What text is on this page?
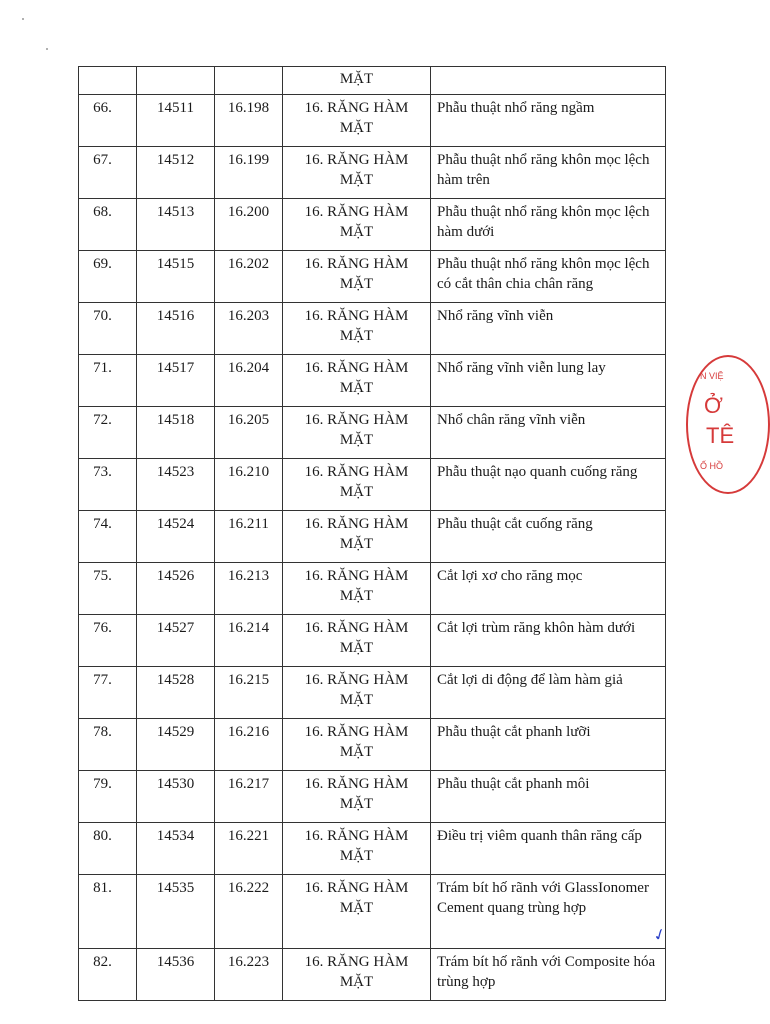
			MẶT	
66.	14511	16.198	16. RĂNG HÀM MẶT	Phẫu thuật nhổ răng ngầm
67.	14512	16.199	16. RĂNG HÀM MẶT	Phẫu thuật nhổ răng khôn mọc lệch hàm trên
68.	14513	16.200	16. RĂNG HÀM MẶT	Phẫu thuật nhổ răng khôn mọc lệch hàm dưới
69.	14515	16.202	16. RĂNG HÀM MẶT	Phẫu thuật nhổ răng khôn mọc lệch có cắt thân chia chân răng
70.	14516	16.203	16. RĂNG HÀM MẶT	Nhổ răng vĩnh viễn
71.	14517	16.204	16. RĂNG HÀM MẶT	Nhổ răng vĩnh viễn lung lay
72.	14518	16.205	16. RĂNG HÀM MẶT	Nhổ chân răng vĩnh viễn
73.	14523	16.210	16. RĂNG HÀM MẶT	Phẫu thuật nạo quanh cuống răng
74.	14524	16.211	16. RĂNG HÀM MẶT	Phẫu thuật cắt cuống răng
75.	14526	16.213	16. RĂNG HÀM MẶT	Cắt lợi xơ cho răng mọc
76.	14527	16.214	16. RĂNG HÀM MẶT	Cắt lợi trùm răng khôn hàm dưới
77.	14528	16.215	16. RĂNG HÀM MẶT	Cắt lợi di động để làm hàm giả
78.	14529	16.216	16. RĂNG HÀM MẶT	Phẫu thuật cắt phanh lưỡi
79.	14530	16.217	16. RĂNG HÀM MẶT	Phẫu thuật cắt phanh môi
80.	14534	16.221	16. RĂNG HÀM MẶT	Điều trị viêm quanh thân răng cấp
81.	14535	16.222	16. RĂNG HÀM MẶT	Trám bít hố rãnh với GlassIonomer Cement quang trùng hợp
82.	14536	16.223	16. RĂNG HÀM MẶT	Trám bít hố rãnh với Composite hóa trùng hợp
N VIỆ
Ở
TÊ
Ố HỒ
✓
